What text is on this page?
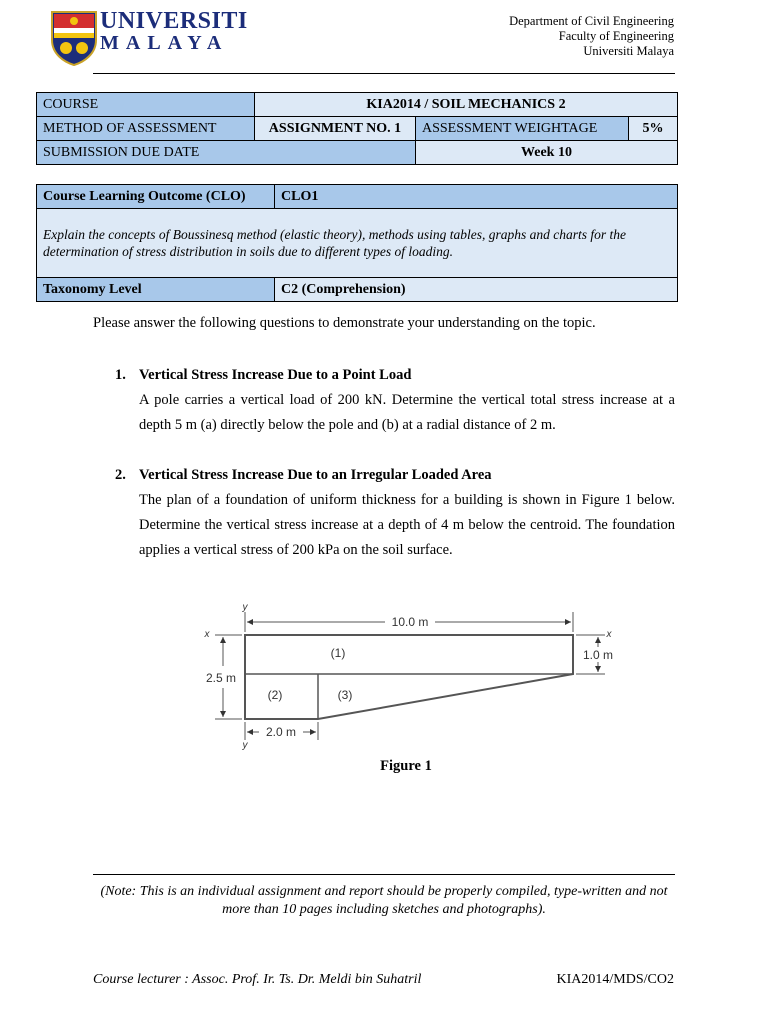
UNIVERSITI
MALAYA
Department of Civil Engineering
Faculty of Engineering
Universiti Malaya
COURSE	KIA2014 / SOIL MECHANICS 2		
METHOD OF ASSESSMENT	ASSIGNMENT NO. 1	ASSESSMENT WEIGHTAGE	5%
SUBMISSION DUE DATE		Week 10	
Course Learning Outcome (CLO)	CLO1
Explain the concepts of Boussinesq method (elastic theory), methods using tables, graphs and charts for the determination of stress distribution in soils due to different types of loading.	
Taxonomy Level	C2 (Comprehension)
Please answer the following questions to demonstrate your understanding on the topic.
1. Vertical Stress Increase Due to a Point Load
A pole carries a vertical load of 200 kN. Determine the vertical total stress increase at a depth 5 m (a) directly below the pole and (b) at a radial distance of 2 m.
2. Vertical Stress Increase Due to an Irregular Loaded Area
The plan of a foundation of uniform thickness for a building is shown in Figure 1 below. Determine the vertical stress increase at a depth of 4 m below the centroid. The foundation applies a vertical stress of 200 kPa on the soil surface.
10.0 m
2.5 m
1.0 m
2.0 m
(1)
(2)	(3)
y
x	x
y
Figure 1
(Note: This is an individual assignment and report should be properly compiled, type-written and not more than 10 pages including sketches and photographs).
Course lecturer : Assoc. Prof. Ir. Ts. Dr. Meldi bin Suhatril	KIA2014/MDS/CO2
